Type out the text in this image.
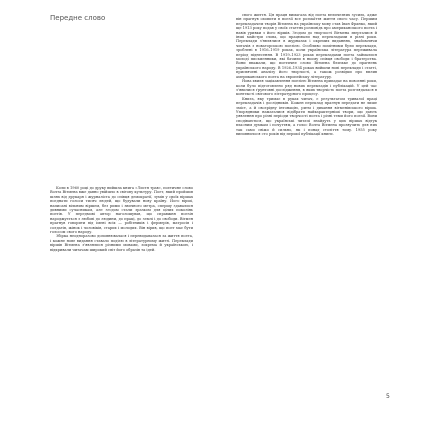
Передне слово	свого життя. Ця праця вимагала від поета величезних зусиль, адже він прагнув охопити в поезії все розмаїття життя свого часу. Першим перекладачем творів Вітмена на українську мову став Іван Франко, який ще 1913 року подав у своїх статтях розповідь про американського поета і навів уривки з його віршів. Згодом до творчості Вітмена зверталися й інші майстри слова, що працювали над перекладами в різні роки. Переклади з'являлися в журналах і окремих виданнях, знайомлячи читачів з новаторською поезією. Особливо помітними були переклади, зроблені в 1916–1919 роках, коли українська література переживала період піднесення. В 1919–1923 роках перекладами поета займалися молоді письменники, які бачили в ньому співця свободи і братерства. Вони вважали, що поетичне слово Вітмена близьке до прагнень українського народу. В 1926–1934 роках вийшли нові переклади і статті, присвячені аналізу його творчості, а також розвідки про вплив американського поета на європейську літературу.

Нова хвиля зацікавлення поезією Вітмена припадає на повоєнні роки, коли було підготовлено ряд нових перекладів і публікацій. У цей час з'явилися ґрунтовні дослідження, в яких творчість поета розглядалася в контексті світового літературного процесу.

Книга, яку тримає в руках читач, є результатом тривалої праці перекладачів і дослідників. Кожен переклад прагнув передати не лише зміст, а й своєрідну інтонацію, ритм і дихання вітменівського вірша. Упорядники намагалися відібрати найхарактерніші твори, що дають уявлення про різні періоди творчості поета і різні теми його поезії. Вони сподіваються, що українські читачі знайдуть у цих віршах відгук власним думкам і почуттям, а голос Волта Вітмена прозвучить для них так само свіжо й сильно, як і понад століття тому. 1955 року виповнилося сто років від першої публікації книги.

Коли в 1960 році до друку вийшла книга «Листя трав», поетичне слово Волта Вітмена вже давно увійшло в світову культуру. Поет, який пройшов шлях від друкаря і журналіста до співця демократії, зумів у своїх віршах поєднати голоси тисяч людей, що будували нову країну. Його вірші, написані вільним віршем, без рими і звичного метра, спершу здавалися дивними сучасникам, але згодом стали зразком для цілих поколінь поетів. У передмові автор наголошував, що справжня поезія народжується з любові до людини, до праці, до землі і до свободи. Вітмен прагнув говорити від імені всіх — робітників і фермерів, матросів і солдатів, жінок і чоловіків, старих і молодих. Він вірив, що поет має бути голосом свого народу.

Збірка неодноразово доповнювалася і перевидавалася за життя поета, і кожне нове видання ставало подією в літературному житті. Переклади віршів Вітмена з'являлися різними мовами, зокрема й українською, і відкривали читачам широкий світ його образів та ідей.

5
